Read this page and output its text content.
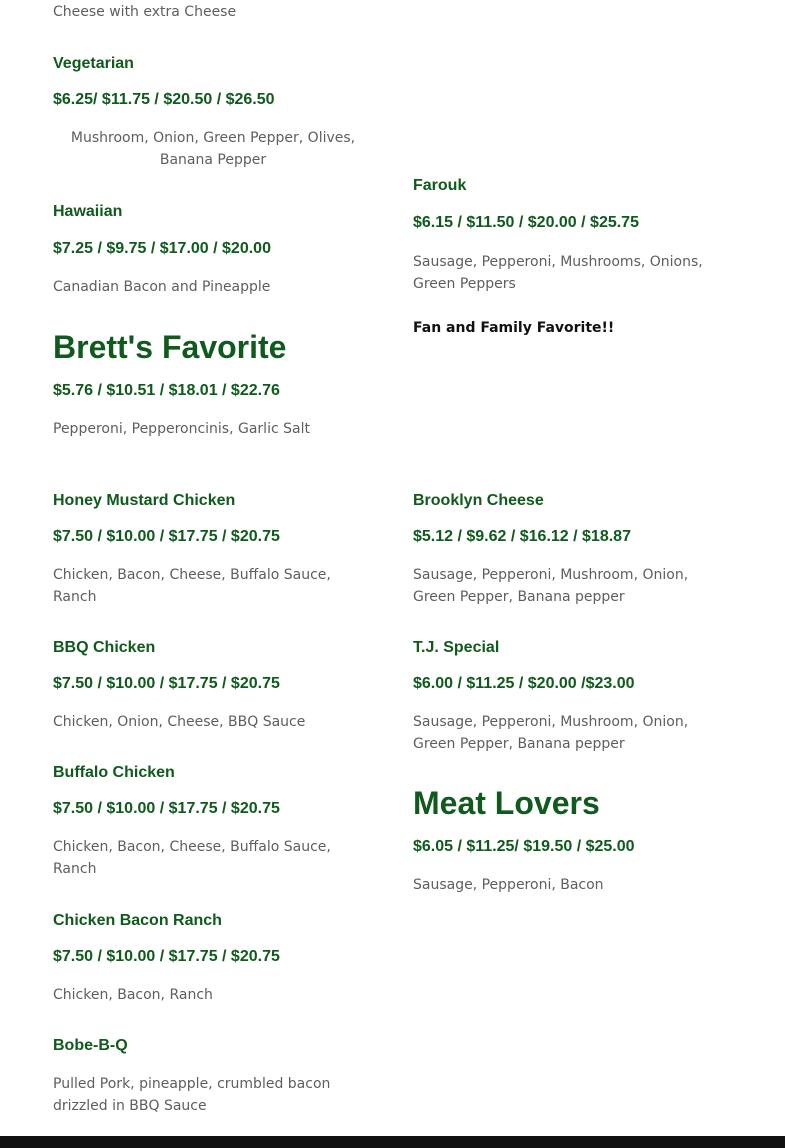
Cheese with extra Cheese
Vegetarian
$6.25/ $11.75 / $20.50 / $26.50
Mushroom, Onion, Green Pepper, Olives, Banana Pepper
Hawaiian
$7.25 / $9.75 / $17.00 / $20.00
Canadian Bacon and Pineapple
Brett's Favorite
$5.76 / $10.51 / $18.01 / $22.76
Pepperoni, Pepperoncinis, Garlic Salt
Honey Mustard Chicken
$7.50 / $10.00 / $17.75 / $20.75
Chicken, Bacon, Cheese, Buffalo Sauce, Ranch
BBQ Chicken
$7.50 / $10.00 / $17.75 / $20.75
Chicken, Onion, Cheese, BBQ Sauce
Buffalo Chicken
$7.50 / $10.00 / $17.75 / $20.75
Chicken, Bacon, Cheese, Buffalo Sauce, Ranch
Chicken Bacon Ranch
$7.50 / $10.00 / $17.75 / $20.75
Chicken, Bacon, Ranch
Bobe-B-Q
Pulled Pork, pineapple, crumbled bacon drizzled in BBQ Sauce
Farouk
$6.15 / $11.50 / $20.00 / $25.75
Sausage, Pepperoni, Mushrooms, Onions, Green Peppers
Fan and Family Favorite!!
Brooklyn Cheese
$5.12 / $9.62 / $16.12 / $18.87
Sausage, Pepperoni, Mushroom, Onion, Green Pepper, Banana pepper
T.J. Special
$6.00 / $11.25 / $20.00 /$23.00
Sausage, Pepperoni, Mushroom, Onion, Green Pepper, Banana pepper
Meat Lovers
$6.05 / $11.25/ $19.50 / $25.00
Sausage, Pepperoni, Bacon
